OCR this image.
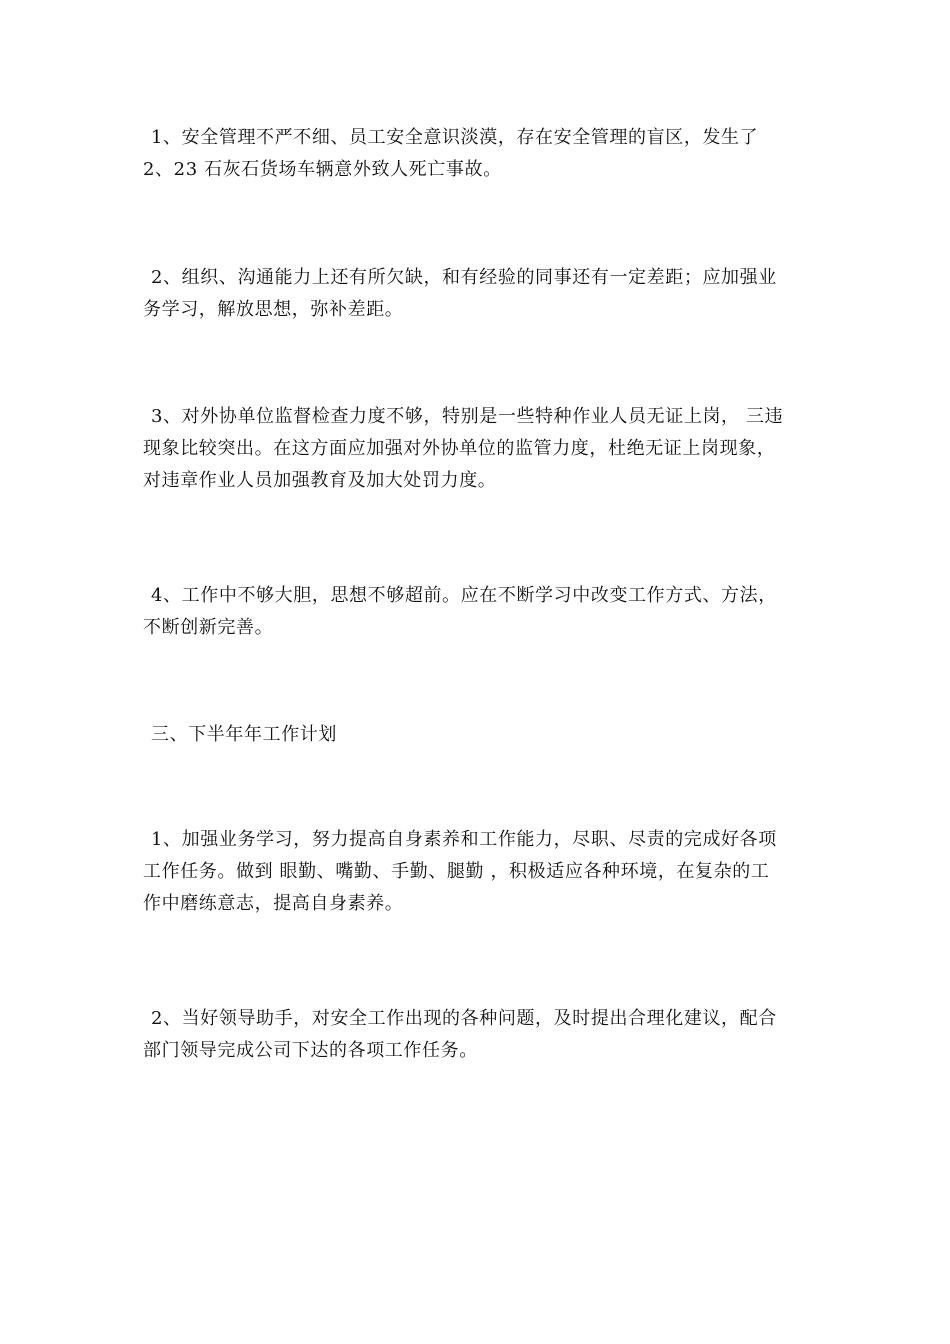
1、安全管理不严不细、员工安全意识淡漠，存在安全管理的盲区，发生了
2、23 石灰石货场车辆意外致人死亡事故。
2、组织、沟通能力上还有所欠缺，和有经验的同事还有一定差距；应加强业
务学习，解放思想，弥补差距。
3、对外协单位监督检查力度不够，特别是一些特种作业人员无证上岗， 三违
现象比较突出。在这方面应加强对外协单位的监管力度，杜绝无证上岗现象，
对违章作业人员加强教育及加大处罚力度。
4、工作中不够大胆，思想不够超前。应在不断学习中改变工作方式、方法，
不断创新完善。
三、下半年年工作计划
1、加强业务学习，努力提高自身素养和工作能力，尽职、尽责的完成好各项
工作任务。做到 眼勤、嘴勤、手勤、腿勤 ，积极适应各种环境，在复杂的工
作中磨练意志，提高自身素养。
2、当好领导助手，对安全工作出现的各种问题，及时提出合理化建议，配合
部门领导完成公司下达的各项工作任务。
